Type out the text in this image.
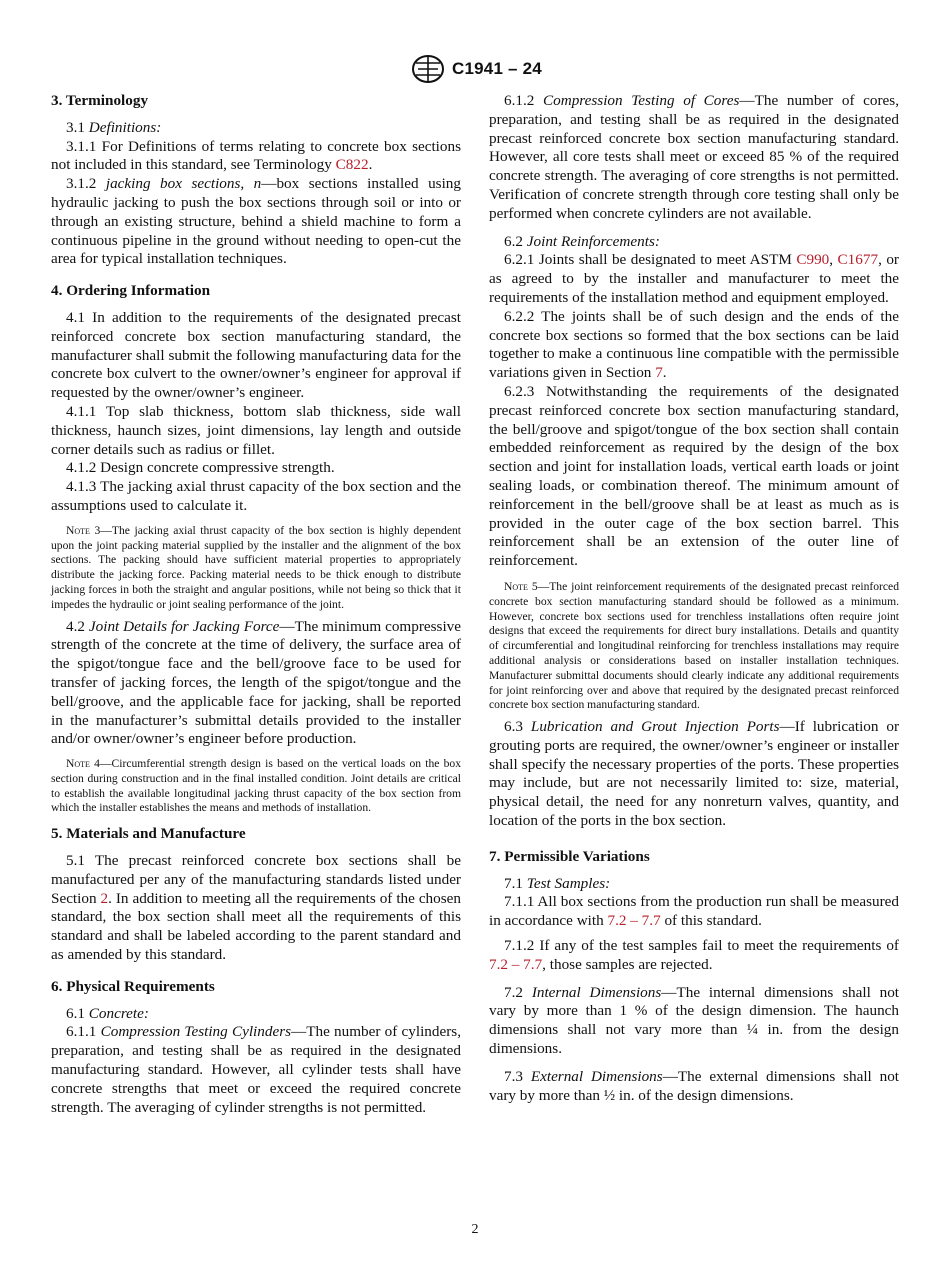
C1941 – 24
3. Terminology

3.1 Definitions:

3.1.1 For Definitions of terms relating to concrete box sections not included in this standard, see Terminology C822.

3.1.2 jacking box sections, n—box sections installed using hydraulic jacking to push the box sections through soil or into or through an existing structure, behind a shield machine to form a continuous pipeline in the ground without needing to open-cut the area for typical installation techniques.

4. Ordering Information

4.1 In addition to the requirements of the designated precast reinforced concrete box section manufacturing standard, the manufacturer shall submit the following manufacturing data for the concrete box culvert to the owner/owner’s engineer for approval if requested by the owner/owner’s engineer.

4.1.1 Top slab thickness, bottom slab thickness, side wall thickness, haunch sizes, joint dimensions, lay length and outside corner details such as radius or fillet.

4.1.2 Design concrete compressive strength.

4.1.3 The jacking axial thrust capacity of the box section and the assumptions used to calculate it.

Note 3—The jacking axial thrust capacity of the box section is highly dependent upon the joint packing material supplied by the installer and the alignment of the box sections. The packing should have sufficient material properties to appropriately distribute the jacking force. Packing material needs to be thick enough to distribute jacking forces in both the straight and angular positions, while not being so thick that it impedes the hydraulic or joint sealing performance of the joint.

4.2 Joint Details for Jacking Force—The minimum compressive strength of the concrete at the time of delivery, the surface area of the spigot/tongue face and the bell/groove face to be used for transfer of jacking forces, the length of the spigot/tongue and the bell/groove, and the applicable face for jacking, shall be reported in the manufacturer’s submittal details provided to the installer and/or owner/owner’s engineer before production.

Note 4—Circumferential strength design is based on the vertical loads on the box section during construction and in the final installed condition. Joint details are critical to establish the available longitudinal jacking thrust capacity of the box section from which the installer establishes the means and methods of installation.

5. Materials and Manufacture

5.1 The precast reinforced concrete box sections shall be manufactured per any of the manufacturing standards listed under Section 2. In addition to meeting all the requirements of the chosen standard, the box section shall meet all the requirements of this standard and shall be labeled according to the parent standard and as amended by this standard.

6. Physical Requirements

6.1 Concrete:

6.1.1 Compression Testing Cylinders—The number of cylinders, preparation, and testing shall be as required in the designated manufacturing standard. However, all cylinder tests shall have concrete strengths that meet or exceed the required concrete strength. The averaging of cylinder strengths is not permitted.

6.1.2 Compression Testing of Cores—The number of cores, preparation, and testing shall be as required in the designated precast reinforced concrete box section manufacturing standard. However, all core tests shall meet or exceed 85 % of the required concrete strength. The averaging of core strengths is not permitted. Verification of concrete strength through core testing shall only be performed when concrete cylinders are not available.

6.2 Joint Reinforcements:

6.2.1 Joints shall be designated to meet ASTM C990, C1677, or as agreed to by the installer and manufacturer to meet the requirements of the installation method and equipment employed.

6.2.2 The joints shall be of such design and the ends of the concrete box sections so formed that the box sections can be laid together to make a continuous line compatible with the permissible variations given in Section 7.

6.2.3 Notwithstanding the requirements of the designated precast reinforced concrete box section manufacturing standard, the bell/groove and spigot/tongue of the box section shall contain embedded reinforcement as required by the design of the box section and joint for installation loads, vertical earth loads or joint sealing loads, or combination thereof. The minimum amount of reinforcement in the bell/groove shall be at least as much as is provided in the outer cage of the box section barrel. This reinforcement shall be an extension of the outer line of reinforcement.

Note 5—The joint reinforcement requirements of the designated precast reinforced concrete box section manufacturing standard should be followed as a minimum. However, concrete box sections used for trenchless installations often require joint designs that exceed the requirements for direct bury installations. Details and quantity of circumferential and longitudinal reinforcing for trenchless installations may require additional analysis or considerations based on installer installation techniques. Manufacturer submittal documents should clearly indicate any additional requirements for joint reinforcing over and above that required by the designated precast reinforced concrete box section manufacturing standard.

6.3 Lubrication and Grout Injection Ports—If lubrication or grouting ports are required, the owner/owner’s engineer or installer shall specify the necessary properties of the ports. These properties may include, but are not necessarily limited to: size, material, physical detail, the need for any nonreturn valves, quantity, and location of the ports in the box section.

7. Permissible Variations

7.1 Test Samples:

7.1.1 All box sections from the production run shall be measured in accordance with 7.2 – 7.7 of this standard.

7.1.2 If any of the test samples fail to meet the requirements of 7.2 – 7.7, those samples are rejected.

7.2 Internal Dimensions—The internal dimensions shall not vary by more than 1 % of the design dimension. The haunch dimensions shall not vary more than ¼ in. from the design dimensions.

7.3 External Dimensions—The external dimensions shall not vary by more than ½ in. of the design dimensions.

2
